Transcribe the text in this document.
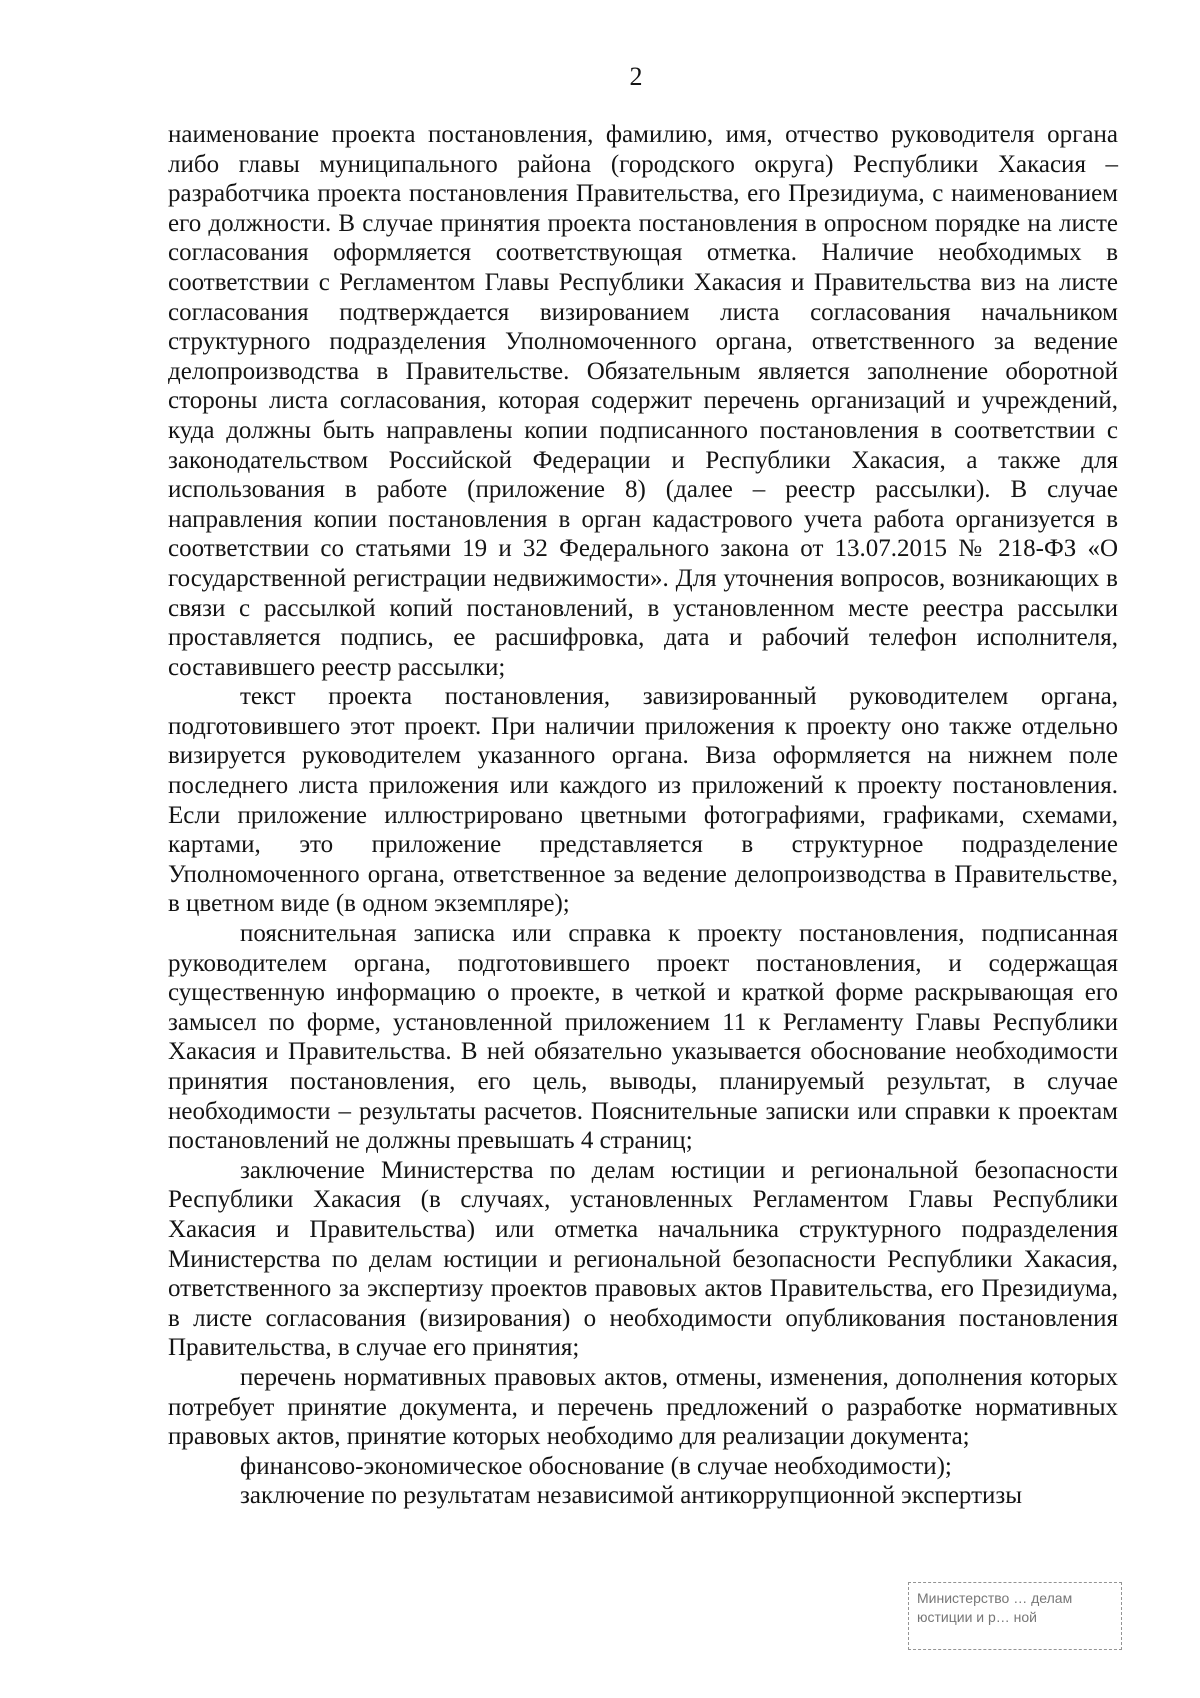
2

наименование проекта постановления, фамилию, имя, отчество руководителя органа либо главы муниципального района (городского округа) Республики Хакасия – разработчика проекта постановления Правительства, его Президиума, с наименованием его должности. В случае принятия проекта постановления в опросном порядке на листе согласования оформляется соответствующая отметка. Наличие необходимых в соответствии с Регламентом Главы Республики Хакасия и Правительства виз на листе согласования подтверждается визированием листа согласования начальником структурного подразделения Уполномоченного органа, ответственного за ведение делопроизводства в Правительстве. Обязательным является заполнение оборотной стороны листа согласования, которая содержит перечень организаций и учреждений, куда должны быть направлены копии подписанного постановления в соответствии с законодательством Российской Федерации и Республики Хакасия, а также для использования в работе (приложение 8) (далее – реестр рассылки). В случае направления копии постановления в орган кадастрового учета работа организуется в соответствии со статьями 19 и 32 Федерального закона от 13.07.2015 № 218-ФЗ «О государственной регистрации недвижимости». Для уточнения вопросов, возникающих в связи с рассылкой копий постановлений, в установленном месте реестра рассылки проставляется подпись, ее расшифровка, дата и рабочий телефон исполнителя, составившего реестр рассылки;

текст проекта постановления, завизированный руководителем органа, подготовившего этот проект. При наличии приложения к проекту оно также отдельно визируется руководителем указанного органа. Виза оформляется на нижнем поле последнего листа приложения или каждого из приложений к проекту постановления. Если приложение иллюстрировано цветными фотографиями, графиками, схемами, картами, это приложение представляется в структурное подразделение Уполномоченного органа, ответственное за ведение делопроизводства в Правительстве, в цветном виде (в одном экземпляре);

пояснительная записка или справка к проекту постановления, подписанная руководителем органа, подготовившего проект постановления, и содержащая существенную информацию о проекте, в четкой и краткой форме раскрывающая его замысел по форме, установленной приложением 11 к Регламенту Главы Республики Хакасия и Правительства. В ней обязательно указывается обоснование необходимости принятия постановления, его цель, выводы, планируемый результат, в случае необходимости – результаты расчетов. Пояснительные записки или справки к проектам постановлений не должны превышать 4 страниц;

заключение Министерства по делам юстиции и региональной безопасности Республики Хакасия (в случаях, установленных Регламентом Главы Республики Хакасия и Правительства) или отметка начальника структурного подразделения Министерства по делам юстиции и региональной безопасности Республики Хакасия, ответственного за экспертизу проектов правовых актов Правительства, его Президиума, в листе согласования (визирования) о необходимости опубликования постановления Правительства, в случае его принятия;

перечень нормативных правовых актов, отмены, изменения, дополнения которых потребует принятие документа, и перечень предложений о разработке нормативных правовых актов, принятие которых необходимо для реализации документа;

финансово-экономическое обоснование (в случае необходимости);

заключение по результатам независимой антикоррупционной экспертизы

Министерство … делам
юстиции и р… ной
